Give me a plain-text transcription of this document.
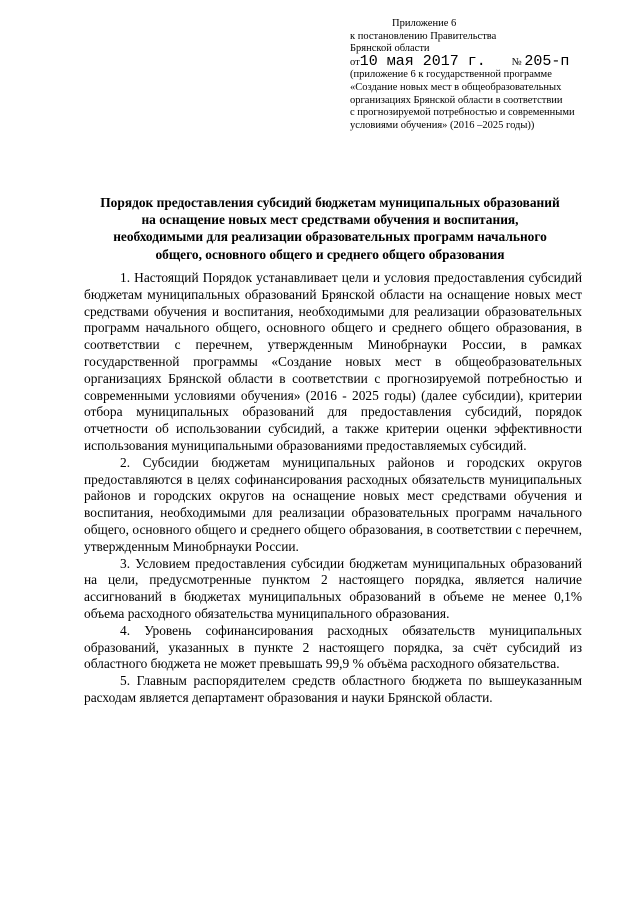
Приложение 6
к постановлению Правительства
Брянской области
от10 мая 2017 г. № 205-п
(приложение 6 к государственной программе
«Создание новых мест в общеобразовательных
организациях Брянской области в соответствии
с прогнозируемой потребностью и современными
условиями обучения» (2016 –2025 годы))
Порядок предоставления субсидий бюджетам муниципальных образований
на оснащение новых мест средствами обучения и воспитания,
необходимыми для реализации образовательных программ начального
общего, основного общего и среднего общего образования

1. Настоящий Порядок устанавливает цели и условия предоставления субсидий бюджетам муниципальных образований Брянской области на оснащение новых мест средствами обучения и воспитания, необходимыми для реализации образовательных программ начального общего, основного общего и среднего общего образования, в соответствии с перечнем, утвержденным Минобрнауки России, в рамках государственной программы «Создание новых мест в общеобразовательных организациях Брянской области в соответствии с прогнозируемой потребностью и современными условиями обучения» (2016 - 2025 годы) (далее субсидии), критерии отбора муниципальных образований для предоставления субсидий, порядок отчетности об использовании субсидий, а также критерии оценки эффективности использования муниципальными образованиями предоставляемых субсидий.

2. Субсидии бюджетам муниципальных районов и городских округов предоставляются в целях софинансирования расходных обязательств муниципальных районов и городских округов на оснащение новых мест средствами обучения и воспитания, необходимыми для реализации образовательных программ начального общего, основного общего и среднего общего образования, в соответствии с перечнем, утвержденным Минобрнауки России.

3. Условием предоставления субсидии бюджетам муниципальных образований на цели, предусмотренные пунктом 2 настоящего порядка, является наличие ассигнований в бюджетах муниципальных образований в объеме не менее 0,1% объема расходного обязательства муниципального образования.

4. Уровень софинансирования расходных обязательств муниципальных образований, указанных в пункте 2 настоящего порядка, за счёт субсидий из областного бюджета не может превышать 99,9 % объёма расходного обязательства.

5. Главным распорядителем средств областного бюджета по вышеуказанным расходам является департамент образования и науки Брянской области.
